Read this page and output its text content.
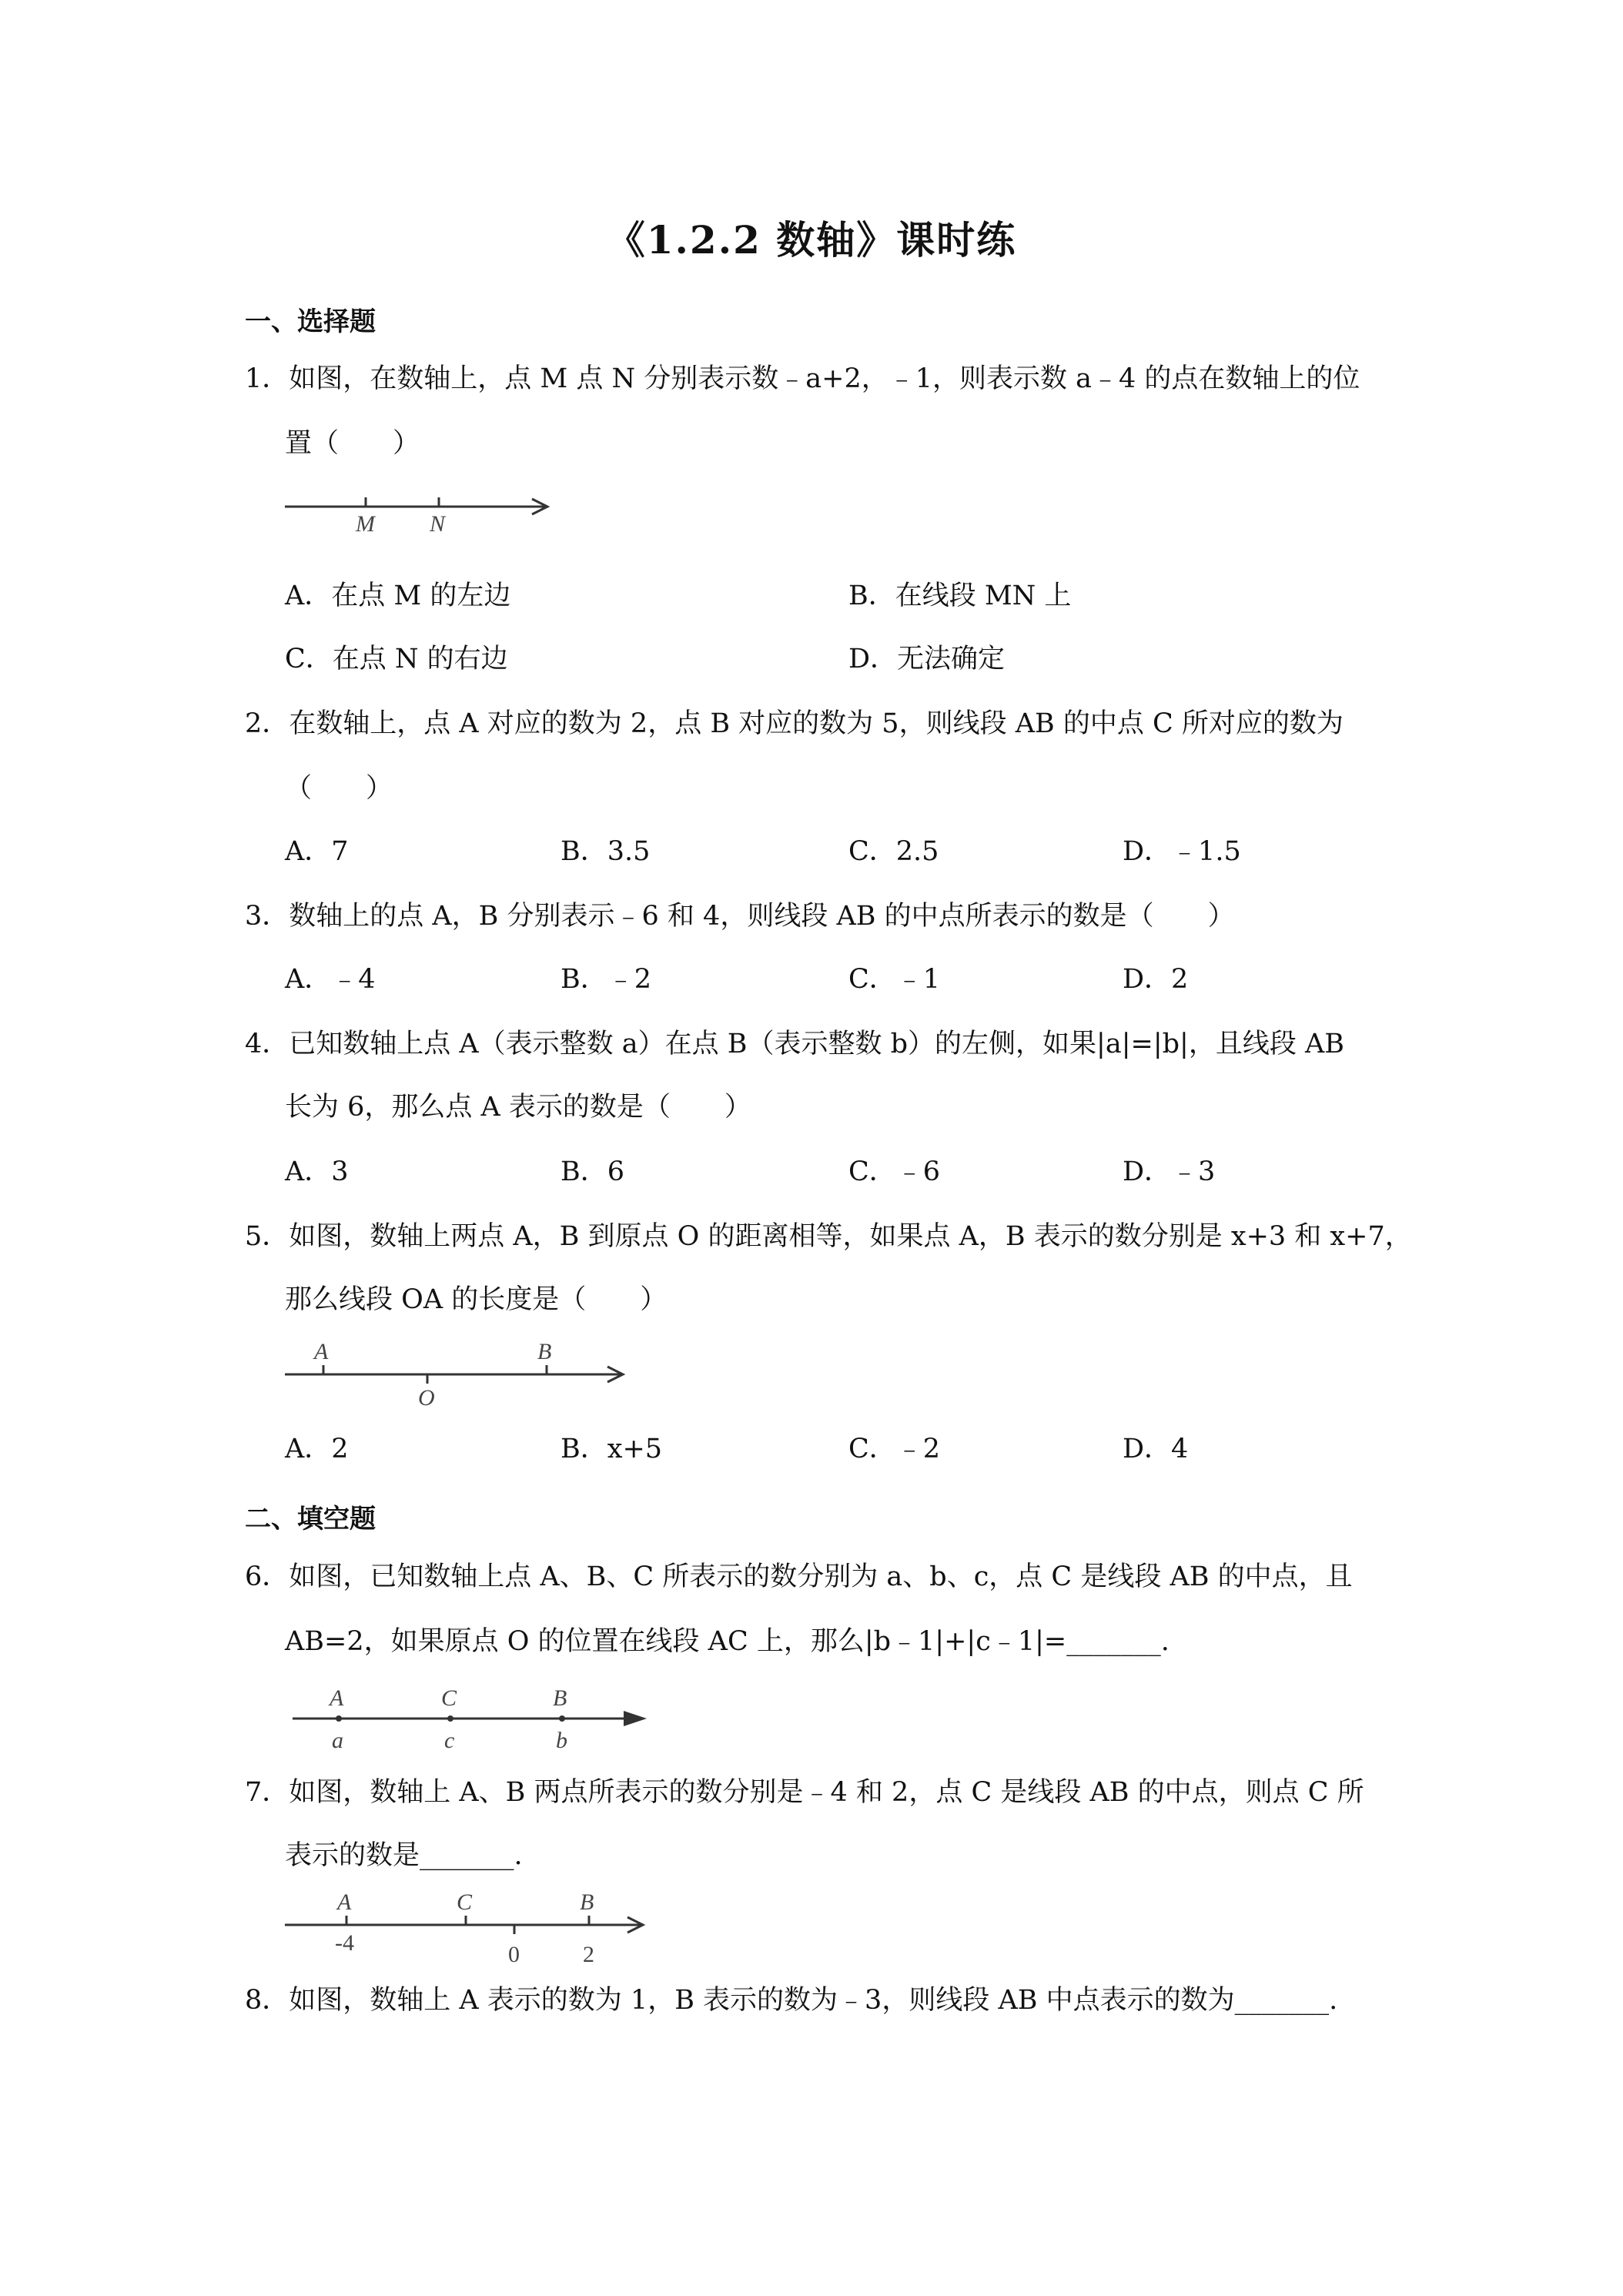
《1.2.2 数轴》课时练
一、选择题
1．如图，在数轴上，点 M 点 N 分别表示数﹣a+2，﹣1，则表示数 a﹣4 的点在数轴上的位
置（　　）
M N
A．在点 M 的左边	B．在线段 MN 上
C．在点 N 的右边	D．无法确定
2．在数轴上，点 A 对应的数为 2，点 B 对应的数为 5，则线段 AB 的中点 C 所对应的数为
（　　）
A．7	B．3.5	C．2.5	D．﹣1.5
3．数轴上的点 A，B 分别表示﹣6 和 4，则线段 AB 的中点所表示的数是（　　）
A．﹣4	B．﹣2	C．﹣1	D．2
4．已知数轴上点 A（表示整数 a）在点 B（表示整数 b）的左侧，如果|a|=|b|，且线段 AB
长为 6，那么点 A 表示的数是（　　）
A．3	B．6	C．﹣6	D．﹣3
5．如图，数轴上两点 A，B 到原点 O 的距离相等，如果点 A，B 表示的数分别是 x+3 和 x+7，
那么线段 OA 的长度是（　　）
A
O
B
A．2	B．x+5	C．﹣2	D．4
二、填空题
6．如图，已知数轴上点 A、B、C 所表示的数分别为 a、b、c，点 C 是线段 AB 的中点，且
AB=2，如果原点 O 的位置在线段 AC 上，那么|b﹣1|+|c﹣1|=_______.
A	C	B
a	c	b
7．如图，数轴上 A、B 两点所表示的数分别是﹣4 和 2，点 C 是线段 AB 的中点，则点 C 所
表示的数是_______.
A	C	B
-4	0	2
8．如图，数轴上 A 表示的数为 1，B 表示的数为﹣3，则线段 AB 中点表示的数为_______.
